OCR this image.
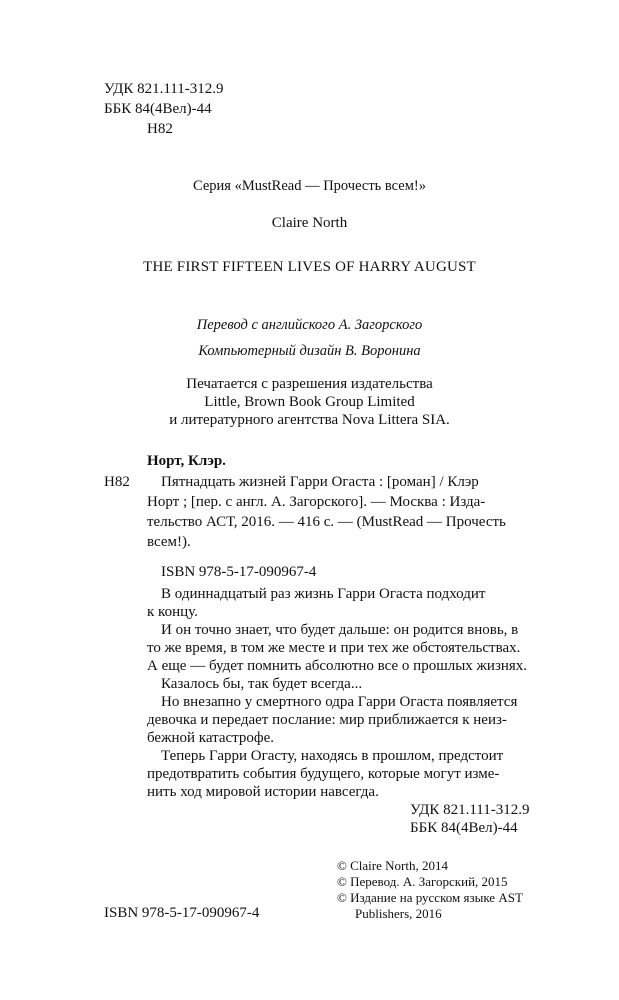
УДК 821.111-312.9
ББК 84(4Вел)-44
Н82
Серия «MustRead — Прочесть всем!»
Claire North
THE FIRST FIFTEEN LIVES OF HARRY AUGUST
Перевод с английского А. Загорского
Компьютерный дизайн В. Воронина
Печатается с разрешения издательства
Little, Brown Book Group Limited
и литературного агентства Nova Littera SIA.
Норт, Клэр.
Н82 Пятнадцать жизней Гарри Огаста : [роман] / Клэр
Норт ; [пер. с англ. А. Загорского]. — Москва : Изда-
тельство АСТ, 2016. — 416 с. — (MustRead — Прочесть
всем!).
ISBN 978-5-17-090967-4
В одиннадцатый раз жизнь Гарри Огаста подходит
к концу.
И он точно знает, что будет дальше: он родится вновь, в
то же время, в том же месте и при тех же обстоятельствах.
А еще — будет помнить абсолютно все о прошлых жизнях.
Казалось бы, так будет всегда...
Но внезапно у смертного одра Гарри Огаста появляется
девочка и передает послание: мир приближается к неиз-
бежной катастрофе.
Теперь Гарри Огасту, находясь в прошлом, предстоит
предотвратить события будущего, которые могут изме-
нить ход мировой истории навсегда.
УДК 821.111-312.9
ББК 84(4Вел)-44
© Claire North, 2014
© Перевод. А. Загорский, 2015
© Издание на русском языке AST
Publishers, 2016
ISBN 978-5-17-090967-4
